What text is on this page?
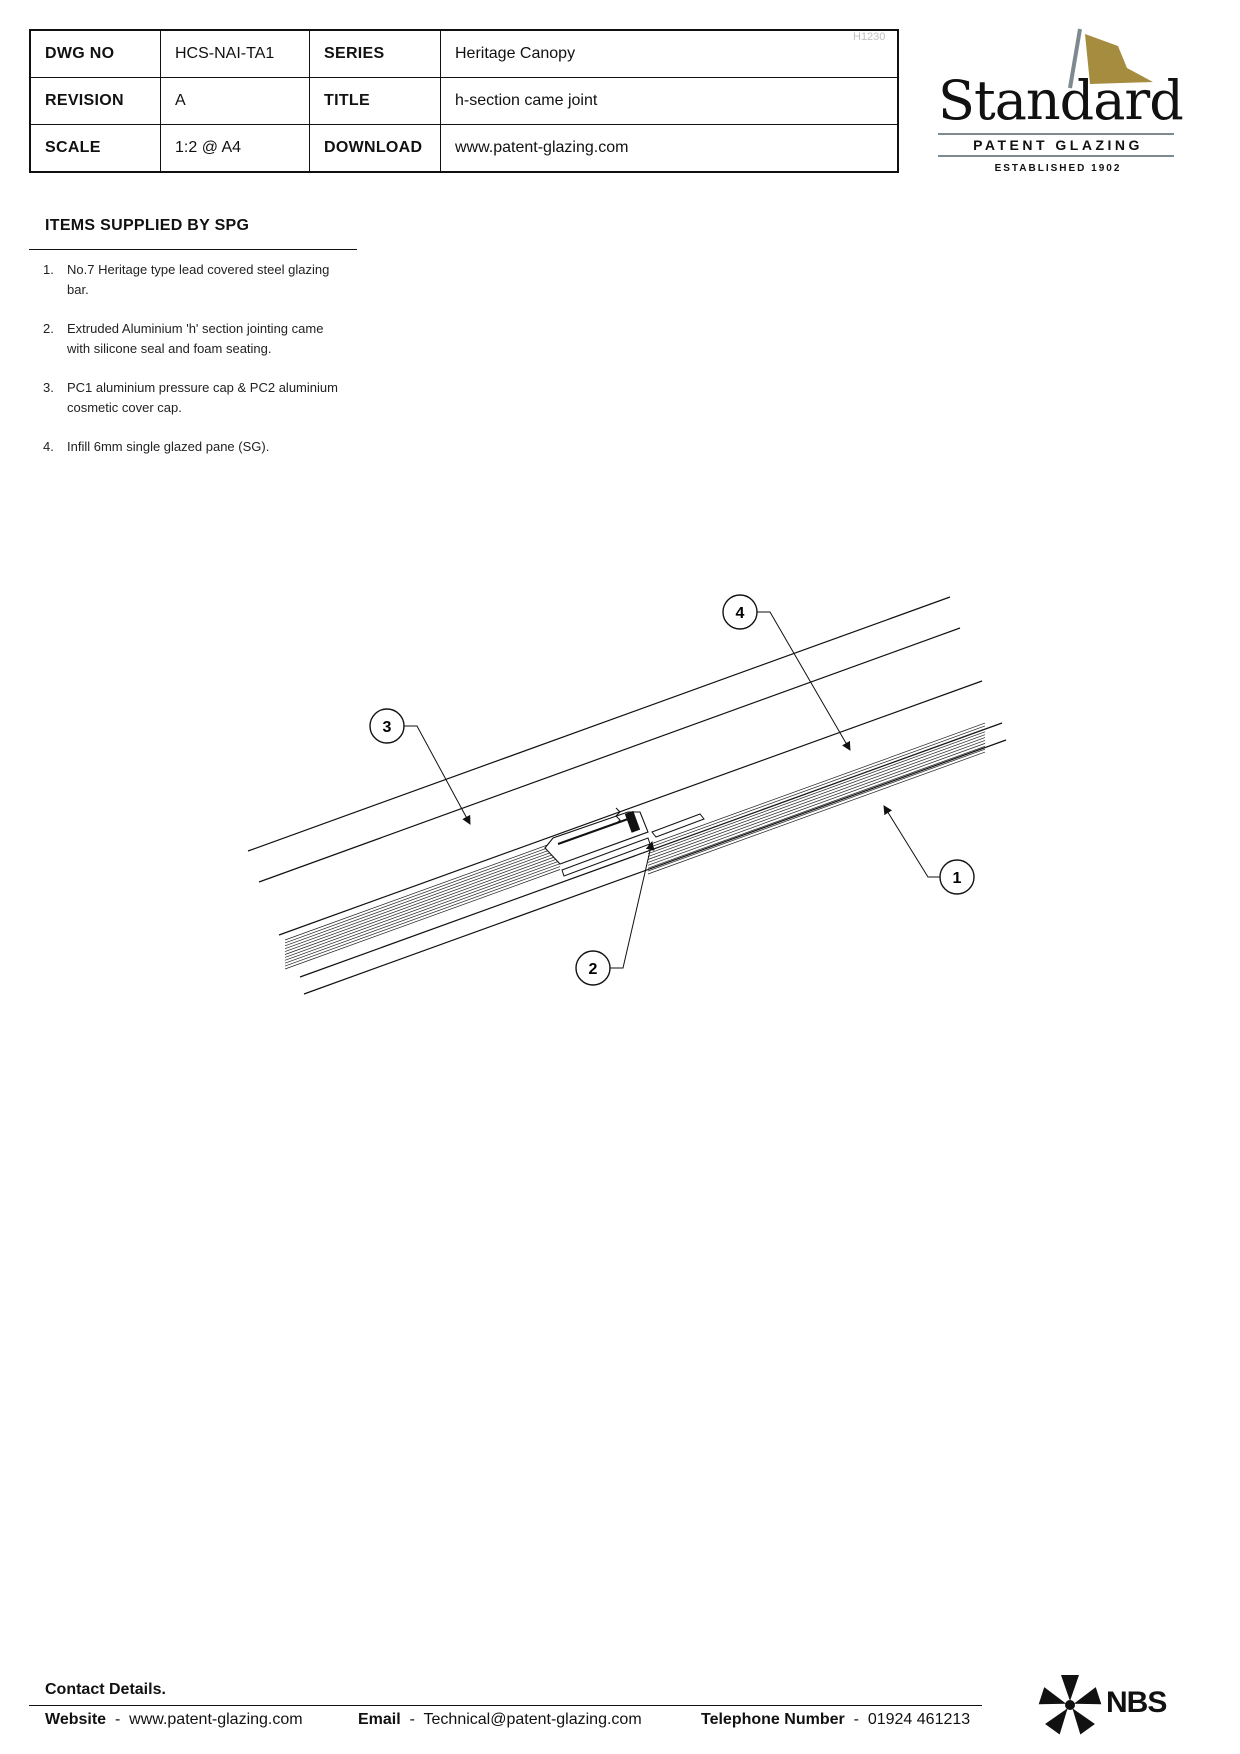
DWG NO	HCS-NAI-TA1	SERIES	Heritage Canopy
REVISION	A	TITLE	h-section came joint
SCALE	1:2 @ A4	DOWNLOAD	www.patent-glazing.com
H1230
Standard
PATENT GLAZING
ESTABLISHED 1902
ITEMS SUPPLIED BY SPG
1.	No.7 Heritage type lead covered steel glazing bar.
2.	Extruded Aluminium 'h' section jointing came with silicone seal and foam seating.
3.	PC1 aluminium pressure cap & PC2 aluminium cosmetic cover cap.
4.	Infill 6mm single glazed pane (SG).
4
3
1
2
Contact Details.
Website - www.patent-glazing.com	Email - Technical@patent-glazing.com	Telephone Number - 01924 461213
NBS
